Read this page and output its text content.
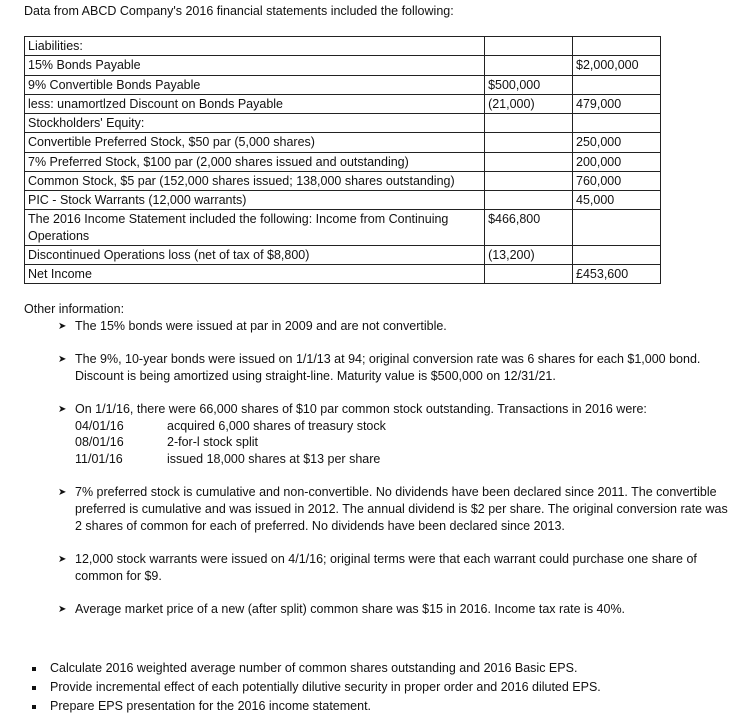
Data from ABCD Company's 2016 financial statements included the following:
Liabilities:		
15% Bonds Payable		$2,000,000
9% Convertible Bonds Payable	$500,000	
less: unamortlzed Discount on Bonds Payable	(21,000)	479,000
Stockholders' Equity:		
Convertible Preferred Stock, $50 par (5,000 shares)		250,000
7% Preferred Stock, $100 par (2,000 shares issued and outstanding)		200,000
Common Stock, $5 par (152,000 shares issued; 138,000 shares outstanding)		760,000
PIC - Stock Warrants (12,000 warrants)		45,000
The 2016 Income Statement included the following: Income from Continuing Operations	$466,800	
Discontinued Operations loss (net of tax of $8,800)	(13,200)	
Net Income		£453,600
Other information:
➤ The 15% bonds were issued at par in 2009 and are not convertible.
➤ The 9%, 10-year bonds were issued on 1/1/13 at 94; original conversion rate was 6 shares for each $1,000 bond. Discount is being amortized using straight-line. Maturity value is $500,000 on 12/31/21.
➤ On 1/1/16, there were 66,000 shares of $10 par common stock outstanding. Transactions in 2016 were:
04/01/16	acquired 6,000 shares of treasury stock
08/01/16	2-for-l stock split
11/01/16	issued 18,000 shares at $13 per share
➤ 7% preferred stock is cumulative and non-convertible. No dividends have been declared since 2011. The convertible preferred is cumulative and was issued in 2012. The annual dividend is $2 per share. The original conversion rate was 2 shares of common for each of preferred. No dividends have been declared since 2013.
➤ 12,000 stock warrants were issued on 4/1/16; original terms were that each warrant could purchase one share of common for $9.
➤ Average market price of a new (after split) common share was $15 in 2016. Income tax rate is 40%.
Calculate 2016 weighted average number of common shares outstanding and 2016 Basic EPS.
Provide incremental effect of each potentially dilutive security in proper order and 2016 diluted EPS.
Prepare EPS presentation for the 2016 income statement.
